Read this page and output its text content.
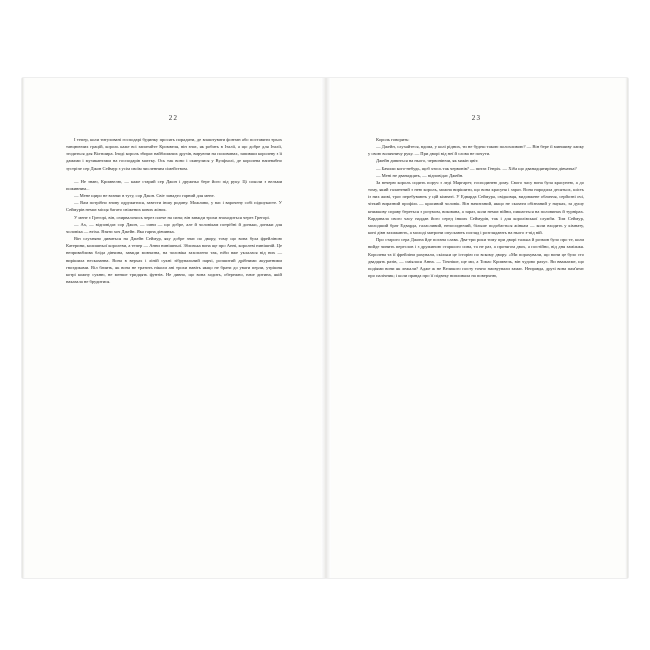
22

І тепер, коли титуловані господарі будинку просять порадити, де влаштувати фонтан або поставити трьох танцюючих грацій, король каже всі запитайте Кромвеля, він знає, як робить в Італії, а що добре для Італії, згодиться для Вілтшира. Іноді король збирає найближчих друзів, вируючи на половинах, запивши королеву з її дамами і музикантами на господарів маєтку. Ось так воно і скинулися у Вулфхолі, де королева напевабно зустріче сер Джон Сеймур з усім своїм численним сімейством.

— Не знаю, Кромвелю, — каже старий сер Джон і дружньо бере його під руку. Ці соколи з вельми поживним...

— Мене щиро не вганяє в тугу, сор Джон. Світ занадто гарний для мене.

— Вам потрібно знову одружитися, завести іншу родину. Можливо, у вас і варочену собі підшукаєте. У Сеймурів немає місця багато свіжених кових жінок.

У мене є Грегорі, він, озирвалочись через плече на сина; він завжди трохи знаходиться через Грегорі.

— Ах, — відповідає сор Джон, — сини — що добре, але й чоловікам потрібні й доньки, доньки для чоловіка — втіха. Взяти хоч Джейн. Яка гарна дівчинка.

Він слухняно дивиться на Джейн Сеймур, яку добре знає по двору, тому що вона була фрейліною Катерини, колишньої королеви, а тепер — Анни нинішньої. Зблизька вона ще про Анні, королеві нинішній. Це неприваблива бліда дівчина, завжди мовчазна, на чоловіка захоплено так, ніби вже уклалася від них — вирішила несказанна. Вона в верхах і ліній сукні зібрувальний парчі, розшитий дрібними акуратними гвоздиками. Віл бачить, як вона не тратить ніколи ані трохи навіть якщо не брати до уваги перли, утрішня котрі кожну сукню, не менше тридцять фунтів. Не дивно, що вона ходить, обережно, наче дитина, якій наказала не брудитися.

23

Король говорить:

— Джейн, слухайтеся, вдома, у колі рідних, ти не будеш такою полохливою? — Він бере її миншиву лапку у свою волячничу руку. — При дворі від неї й слова не почути.

Джейн дивиться на нього, червоніючи, як макін цвіт.

— Бачили кого-небудь, щоб хтось так червонів? — питає Генріх. — Хіба що дванадцятирічна дівчатка?

— Мені не дванадцять, — відповідає Джейн.

За вечерю король сидить поруч з леді Маргарет, господинею дому. Свого часу вона була красунею, а до тому, який галантний з нею король, можна вирішити, що вона красуня і зараз. Вона народила десятьох, шість із них живі, троє перебувають у цій кімнаті. У Едварда Сеймура, свідковця, видовжене обличчя, серйозні очі, чіткий виразний профіль — красивий чоловік. Він начитаний, якщо не сказати обізнаний у науках, за душу книжкову справу береться з розумом, вокована, а зараз, коли немає війни, пишається на половинах й турнірах. Кардинала свого часу наддав його серед інших Сеймурів, так і для королівської служби. Том Сеймур, молодший брат Едварда, галасливий, непосидючий, більше подобається жінкам — коли входить у кімнату, коні дівн захижають, а молоді матрони опускають погляд і розглядають на нього з-під вій.

Про старого сера Джона йде погана слава. Два-три роки тому при дворі талька й розмов було про те, коли вийде чинить переслов і з дружиною старшого сина, та не раз, а протягом двох, а постійно, від дня заміжжя. Королева та її фрейліни рахували, скільки це історію по вскому двору. «Ми порахували, що вони це було сто двадцять разів, — сміялася Анна. — Точніше, ще ми, а Томас Кромвель, він чудово рахує. Ви вважаєме, що подіями вони як лежали? Адже ж не Великого посту точно змовуували замає. Неправда, друзі вона пам'ятає про палічник; і коли правда про її підвеку випливала на поверхню,
